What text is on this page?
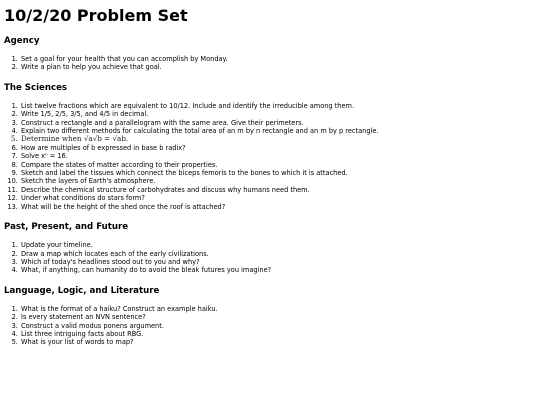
10/2/20 Problem Set
Agency
1. Set a goal for your health that you can accomplish by Monday.
2. Write a plan to help you achieve that goal.
The Sciences
1. List twelve fractions which are equivalent to 10/12. Include and identify the irreducible among them.
2. Write 1/5, 2/5, 3/5, and 4/5 in decimal.
3. Construct a rectangle and a parallelogram with the same area. Give their perimeters.
4. Explain two different methods for calculating the total area of an m by n rectangle and an m by p rectangle.
5. Determine when √a√b = √ab.
6. How are multiples of b expressed in base b radix?
7. Solve xⁿ = 16.
8. Compare the states of matter according to their properties.
9. Sketch and label the tissues which connect the biceps femoris to the bones to which it is attached.
10. Sketch the layers of Earth's atmosphere.
11. Describe the chemical structure of carbohydrates and discuss why humans need them.
12. Under what conditions do stars form?
13. What will be the height of the shed once the roof is attached?
Past, Present, and Future
1. Update your timeline.
2. Draw a map which locates each of the early civilizations.
3. Which of today's headlines stood out to you and why?
4. What, if anything, can humanity do to avoid the bleak futures you imagine?
Language, Logic, and Literature
1. What is the format of a haiku? Construct an example haiku.
2. Is every statement an NVN sentence?
3. Construct a valid modus ponens argument.
4. List three intriguing facts about RBG.
5. What is your list of words to map?
